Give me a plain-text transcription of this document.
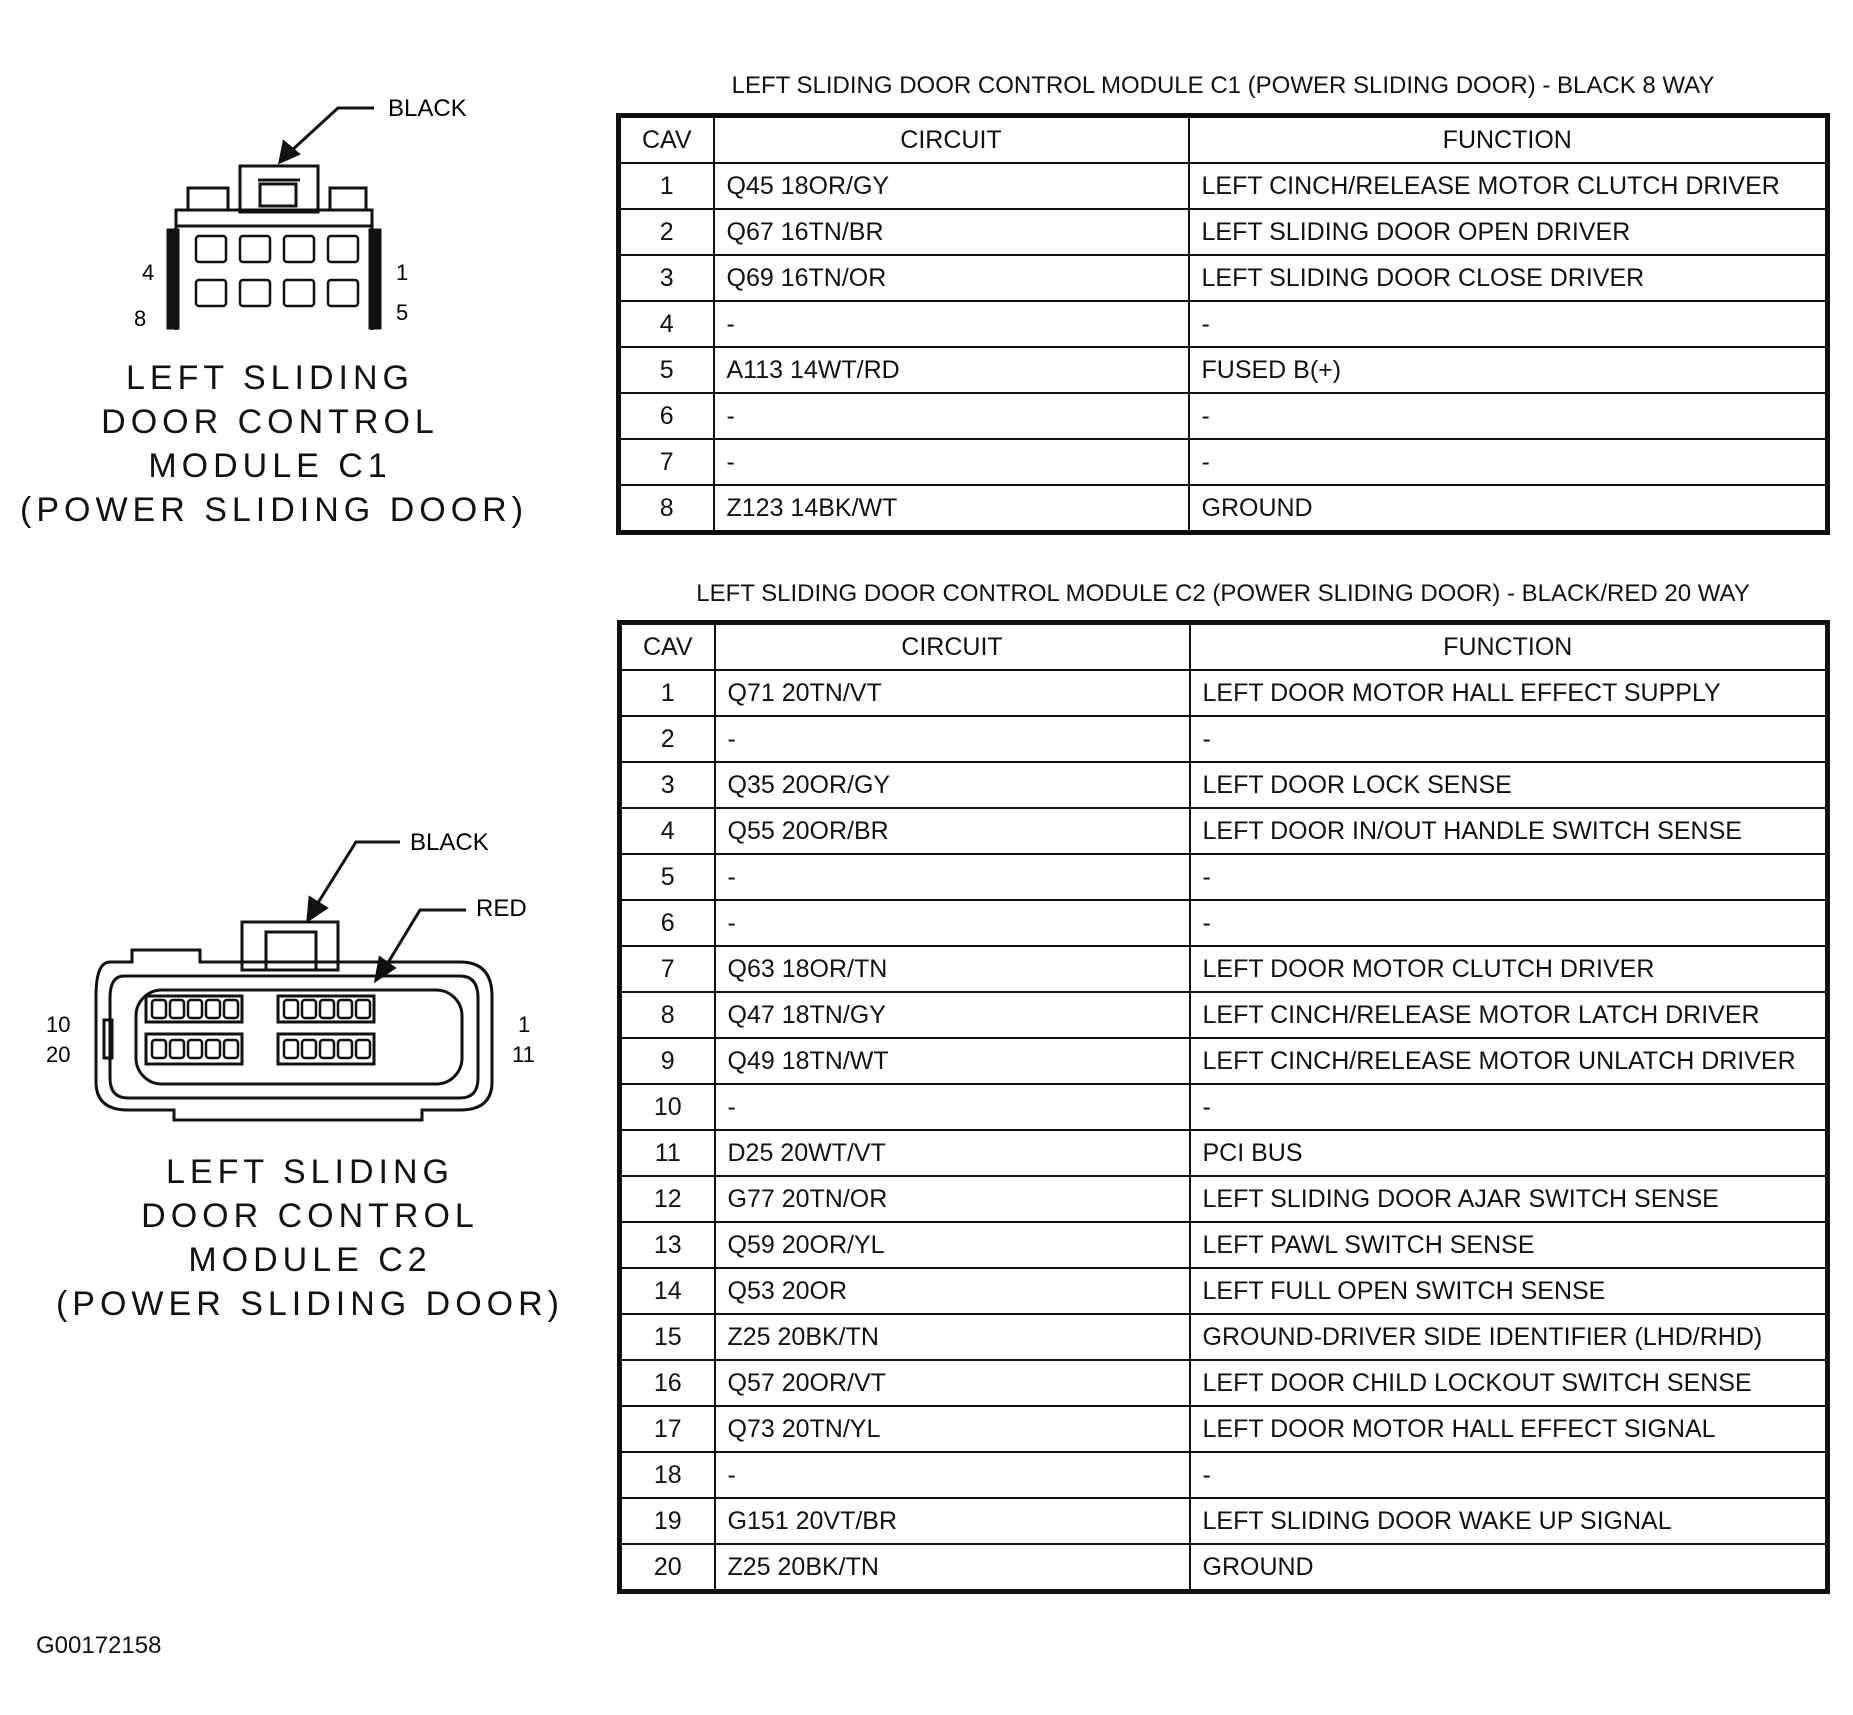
BLACK
4	1
8	5
LEFT SLIDING
DOOR CONTROL
MODULE C1
(POWER SLIDING DOOR)
BLACK
RED
10
20
1
11
LEFT SLIDING
DOOR CONTROL
MODULE C2
(POWER SLIDING DOOR)
LEFT SLIDING DOOR CONTROL MODULE C1 (POWER SLIDING DOOR) - BLACK 8 WAY
CAV	CIRCUIT	FUNCTION
1	Q45 18OR/GY	LEFT CINCH/RELEASE MOTOR CLUTCH DRIVER
2	Q67 16TN/BR	LEFT SLIDING DOOR OPEN DRIVER
3	Q69 16TN/OR	LEFT SLIDING DOOR CLOSE DRIVER
4	-	-
5	A113 14WT/RD	FUSED B(+)
6	-	-
7	-	-
8	Z123 14BK/WT	GROUND
LEFT SLIDING DOOR CONTROL MODULE C2 (POWER SLIDING DOOR) - BLACK/RED 20 WAY
CAV	CIRCUIT	FUNCTION
1	Q71 20TN/VT	LEFT DOOR MOTOR HALL EFFECT SUPPLY
2	-	-
3	Q35 20OR/GY	LEFT DOOR LOCK SENSE
4	Q55 20OR/BR	LEFT DOOR IN/OUT HANDLE SWITCH SENSE
5	-	-
6	-	-
7	Q63 18OR/TN	LEFT DOOR MOTOR CLUTCH DRIVER
8	Q47 18TN/GY	LEFT CINCH/RELEASE MOTOR LATCH DRIVER
9	Q49 18TN/WT	LEFT CINCH/RELEASE MOTOR UNLATCH DRIVER
10	-	-
11	D25 20WT/VT	PCI BUS
12	G77 20TN/OR	LEFT SLIDING DOOR AJAR SWITCH SENSE
13	Q59 20OR/YL	LEFT PAWL SWITCH SENSE
14	Q53 20OR	LEFT FULL OPEN SWITCH SENSE
15	Z25 20BK/TN	GROUND-DRIVER SIDE IDENTIFIER (LHD/RHD)
16	Q57 20OR/VT	LEFT DOOR CHILD LOCKOUT SWITCH SENSE
17	Q73 20TN/YL	LEFT DOOR MOTOR HALL EFFECT SIGNAL
18	-	-
19	G151 20VT/BR	LEFT SLIDING DOOR WAKE UP SIGNAL
20	Z25 20BK/TN	GROUND
G00172158
